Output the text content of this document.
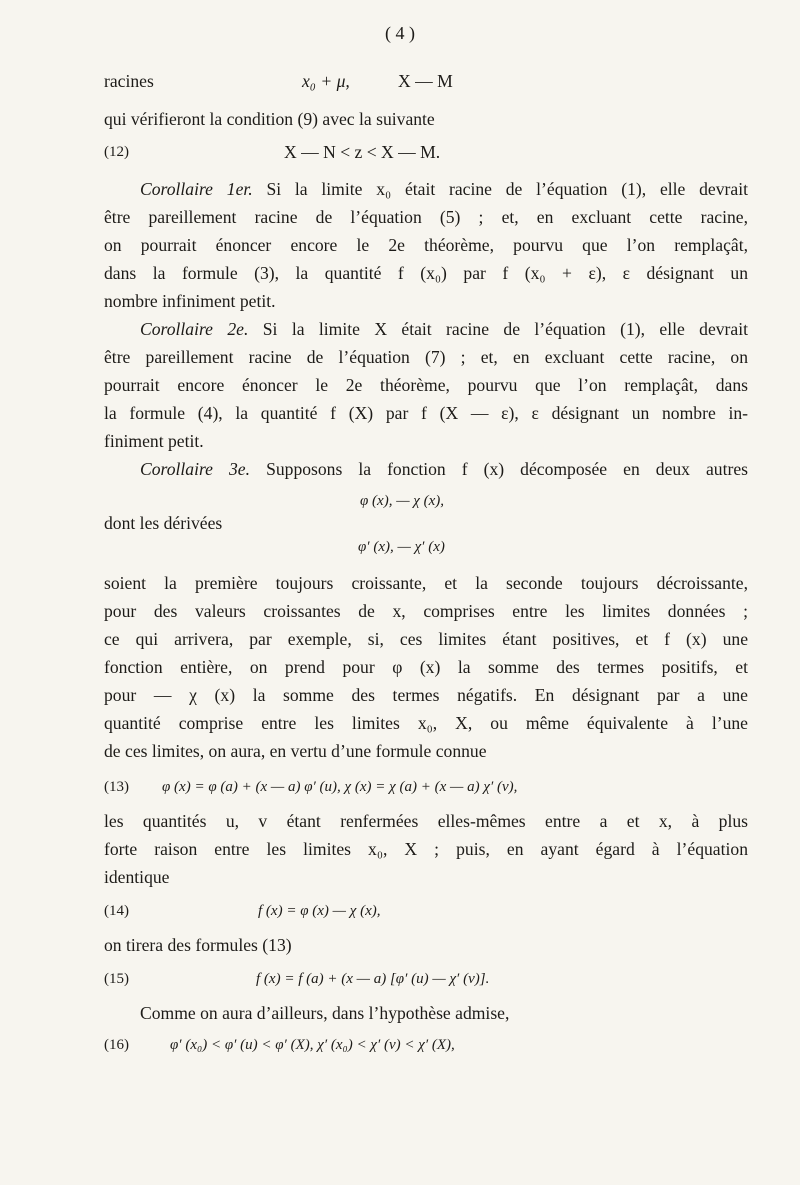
( 4 )
racines	x₀ + μ,	X — M
qui vérifieront la condition (9) avec la suivante
(12)	X — N < z < X — M.
Corollaire 1er. Si la limite x₀ était racine de l’équation (1), elle devrait
être pareillement racine de l’équation (5) ; et, en excluant cette racine,
on pourrait énoncer encore le 2e théorème, pourvu que l’on remplaçât,
dans la formule (3), la quantité f (x₀) par f (x₀ + ε), ε désignant un
nombre infiniment petit.
Corollaire 2e. Si la limite X était racine de l’équation (1), elle devrait
être pareillement racine de l’équation (7) ; et, en excluant cette racine, on
pourrait encore énoncer le 2e théorème, pourvu que l’on remplaçât, dans
la formule (4), la quantité f (X) par f (X — ε), ε désignant un nombre in-
finiment petit.
Corollaire 3e. Supposons la fonction f (x) décomposée en deux autres
φ (x), — χ (x),
dont les dérivées
φ′ (x), — χ′ (x)
soient la première toujours croissante, et la seconde toujours décroissante,
pour des valeurs croissantes de x, comprises entre les limites données ;
ce qui arrivera, par exemple, si, ces limites étant positives, et f (x) une
fonction entière, on prend pour φ (x) la somme des termes positifs, et
pour — χ (x) la somme des termes négatifs. En désignant par a une
quantité comprise entre les limites x₀, X, ou même équivalente à l’une
de ces limites, on aura, en vertu d’une formule connue
(13) φ (x) = φ (a) + (x — a) φ′ (u), χ (x) = χ (a) + (x — a) χ′ (v),
les quantités u, v étant renfermées elles-mêmes entre a et x, à plus
forte raison entre les limites x₀, X ; puis, en ayant égard à l’équation
identique
(14)	f (x) = φ (x) — χ (x),
on tirera des formules (13)
(15)	f (x) = f (a) + (x — a) [φ′ (u) — χ′ (v)].
Comme on aura d’ailleurs, dans l’hypothèse admise,
(16)	φ′ (x₀) < φ′ (u) < φ′ (X), χ′ (x₀) < χ′ (v) < χ′ (X),
